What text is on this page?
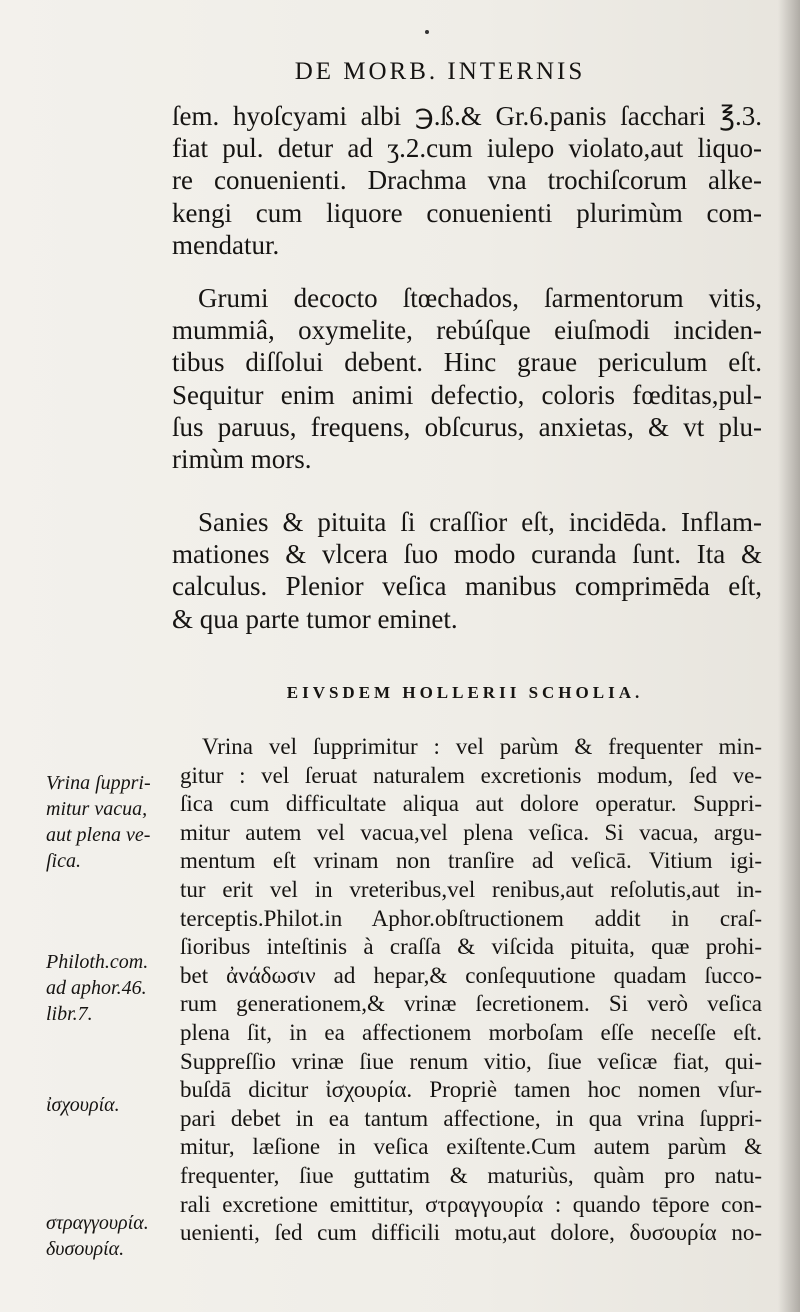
DE MORB. INTERNIS
ſem. hyoſcyami albi ℈.ß.& Gr.6.panis ſacchari ℥.3.
fiat pul. detur ad ʒ.2.cum iulepo violato,aut liquo-
re conuenienti. Drachma vna trochiſcorum alke-
kengi cum liquore conuenienti plurimùm com-
mendatur.
Grumi decocto ſtœchados, ſarmentorum vitis,
mummiâ, oxymelite, rebúſque eiuſmodi inciden-
tibus diſſolui debent. Hinc graue periculum eſt.
Sequitur enim animi defectio, coloris fœditas,pul-
ſus paruus, frequens, obſcurus, anxietas, & vt plu-
rimùm mors.
Sanies & pituita ſi craſſior eſt, incidēda. Inflam-
mationes & vlcera ſuo modo curanda ſunt. Ita &
calculus. Plenior veſica manibus comprimēda eſt,
& qua parte tumor eminet.
EIVSDEM HOLLERII SCHOLIA.
Vrina vel ſupprimitur : vel parùm & frequenter min-
gitur : vel ſeruat naturalem excretionis modum, ſed ve-
ſica cum difficultate aliqua aut dolore operatur. Suppri-
mitur autem vel vacua,vel plena veſica. Si vacua, argu-
mentum eſt vrinam non tranſire ad veſicā. Vitium igi-
tur erit vel in vreteribus,vel renibus,aut reſolutis,aut in-
terceptis.Philot.in Aphor.obſtructionem addit in craſ-
ſioribus inteſtinis à craſſa & viſcida pituita, quæ prohi-
bet ἀνάδωσιν ad hepar,& conſequutione quadam ſucco-
rum generationem,& vrinæ ſecretionem. Si verò veſica
plena ſit, in ea affectionem morboſam eſſe neceſſe eſt.
Suppreſſio vrinæ ſiue renum vitio, ſiue veſicæ fiat, qui-
buſdā dicitur ἰσχουρία. Propriè tamen hoc nomen vſur-
pari debet in ea tantum affectione, in qua vrina ſuppri-
mitur, læſione in veſica exiſtente.Cum autem parùm &
frequenter, ſiue guttatim & maturiùs, quàm pro natu-
rali excretione emittitur, στραγγουρία : quando tēpore con-
uenienti, ſed cum difficili motu,aut dolore, δυσουρία no-
Vrina ſuppri-
mitur vacua,
aut plena ve-
ſica.
Philoth.com.
ad aphor.46.
libr.7.
ἰσχουρία.
στραγγουρία.
δυσουρία.
